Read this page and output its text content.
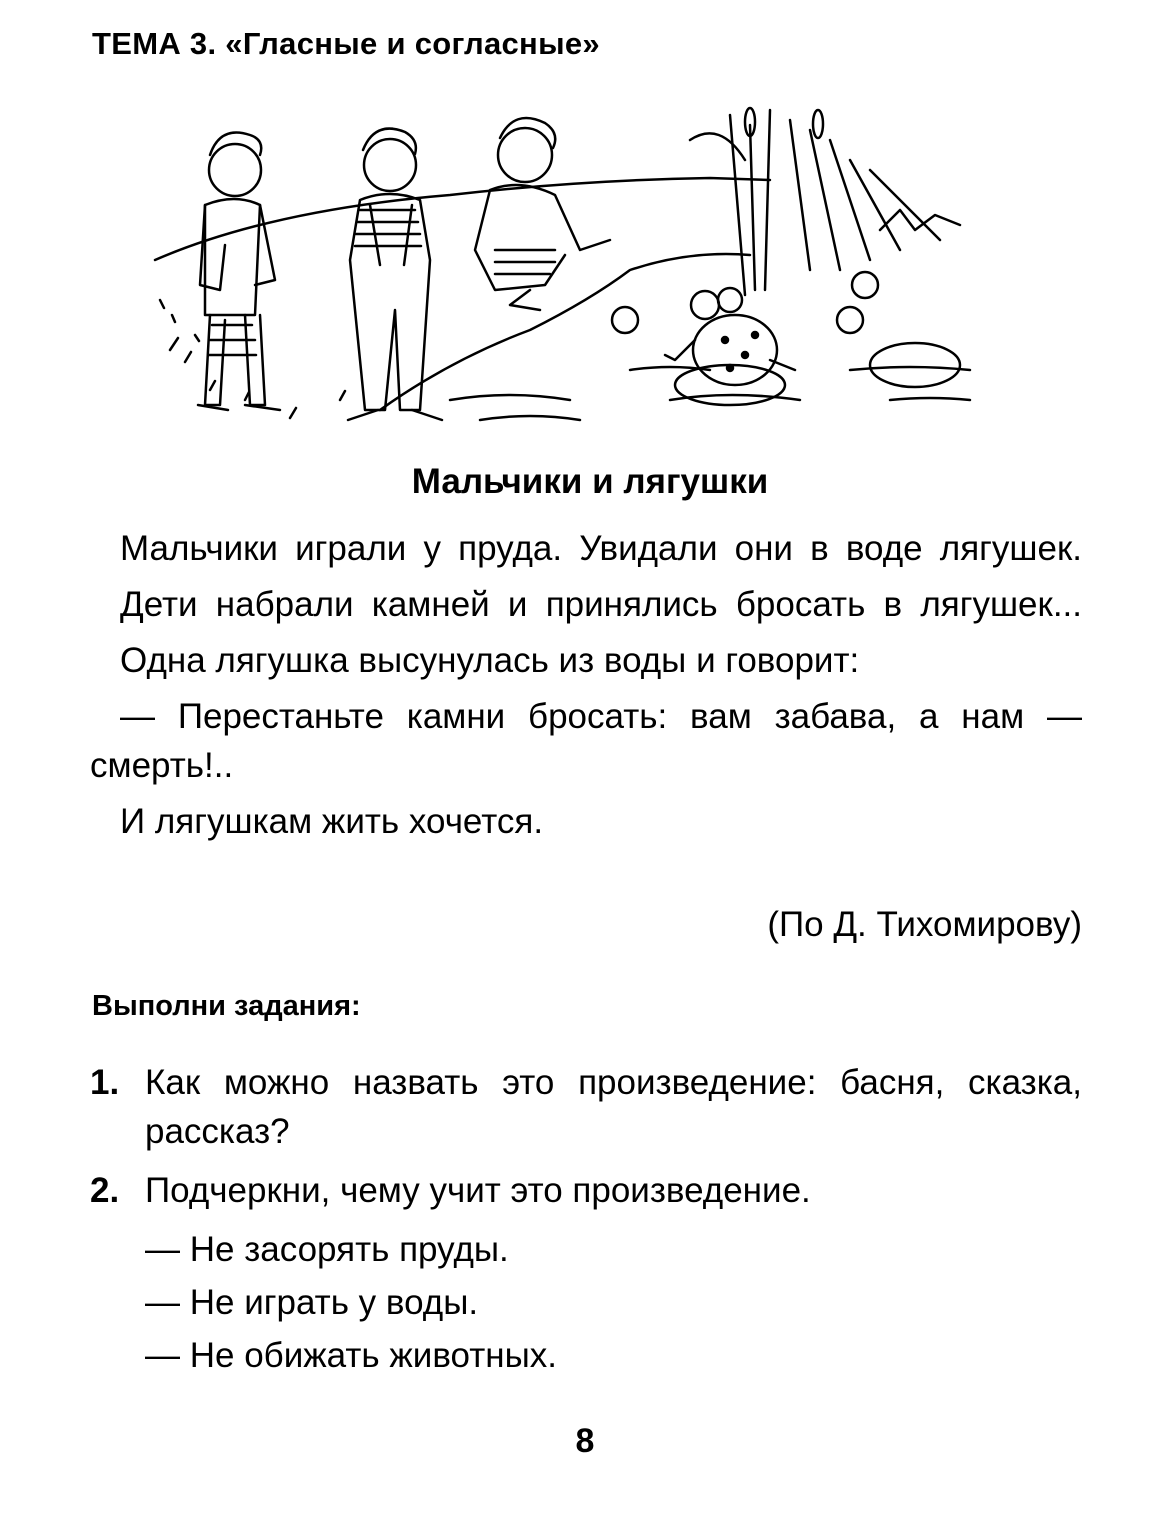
ТЕМА 3. «Гласные и согласные»
Мальчики и лягушки

Мальчики играли у пруда. Увидали они в воде лягушек.

Дети набрали камней и принялись бросать в лягушек...

Одна лягушка высунулась из воды и говорит:

— Перестаньте камни бросать: вам забава, а нам — смерть!..

И лягушкам жить хочется.

(По Д. Тихомирову)
Выполни задания:
1. Как можно назвать это произведение: басня, сказка, рассказ?
2. Подчеркни, чему учит это произведение.
— Не засорять пруды.
— Не играть у воды.
— Не обижать животных.
8
